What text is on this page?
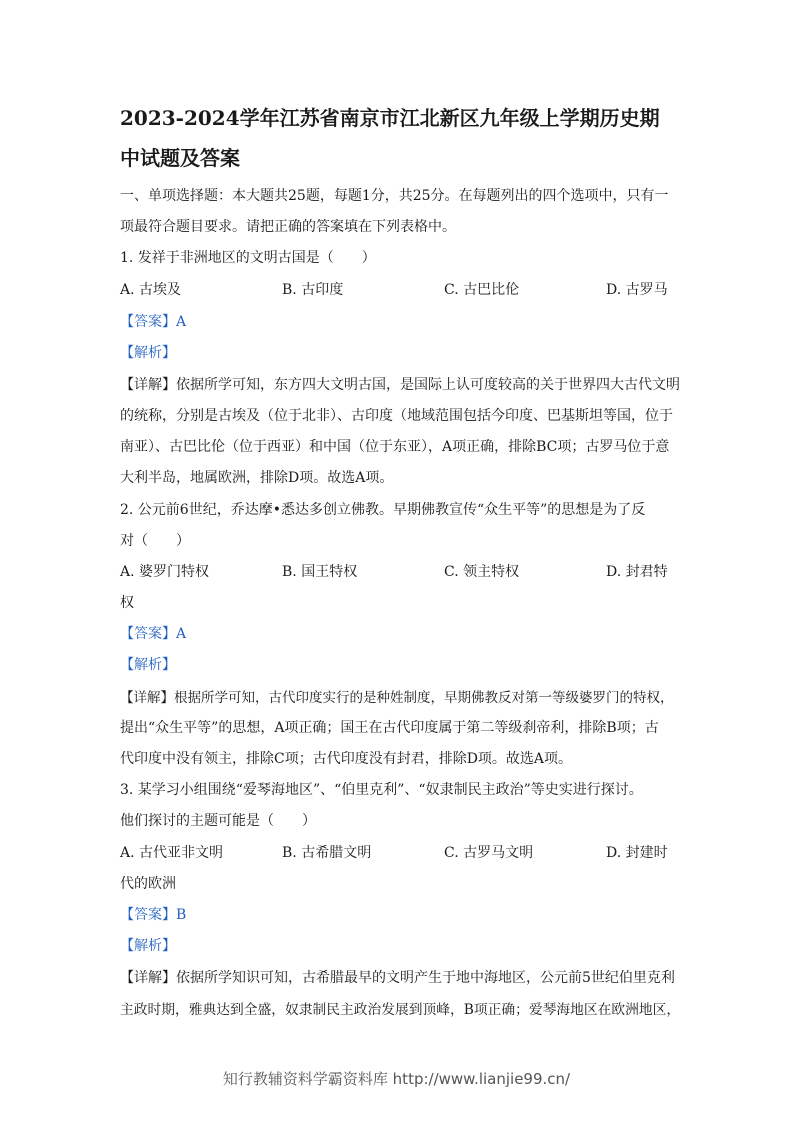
2023-2024学年江苏省南京市江北新区九年级上学期历史期
中试题及答案
一、单项选择题：本大题共25题，每题1分，共25分。在每题列出的四个选项中，只有一
项最符合题目要求。请把正确的答案填在下列表格中。
1. 发祥于非洲地区的文明古国是（　　）
A. 古埃及	B. 古印度	C. 古巴比伦	D. 古罗马
【答案】A
【解析】
【详解】依据所学可知，东方四大文明古国，是国际上认可度较高的关于世界四大古代文明
的统称，分别是古埃及（位于北非）、古印度（地域范围包括今印度、巴基斯坦等国，位于
南亚）、古巴比伦（位于西亚）和中国（位于东亚），A项正确，排除BC项；古罗马位于意
大利半岛，地属欧洲，排除D项。故选A项。
2. 公元前6世纪，乔达摩•悉达多创立佛教。早期佛教宣传“众生平等”的思想是为了反
对（　　）
A. 婆罗门特权	B. 国王特权	C. 领主特权	D. 封君特
权
【答案】A
【解析】
【详解】根据所学可知，古代印度实行的是种姓制度，早期佛教反对第一等级婆罗门的特权，
提出“众生平等”的思想，A项正确；国王在古代印度属于第二等级刹帝利，排除B项；古
代印度中没有领主，排除C项；古代印度没有封君，排除D项。故选A项。
3. 某学习小组围绕“爱琴海地区”、“伯里克利”、“奴隶制民主政治”等史实进行探讨。
他们探讨的主题可能是（　　）
A. 古代亚非文明	B. 古希腊文明	C. 古罗马文明	D. 封建时
代的欧洲
【答案】B
【解析】
【详解】依据所学知识可知，古希腊最早的文明产生于地中海地区，公元前5世纪伯里克利
主政时期，雅典达到全盛，奴隶制民主政治发展到顶峰，B项正确；爱琴海地区在欧洲地区，
知行教辅资料学霸资料库 http://www.lianjie99.cn/
